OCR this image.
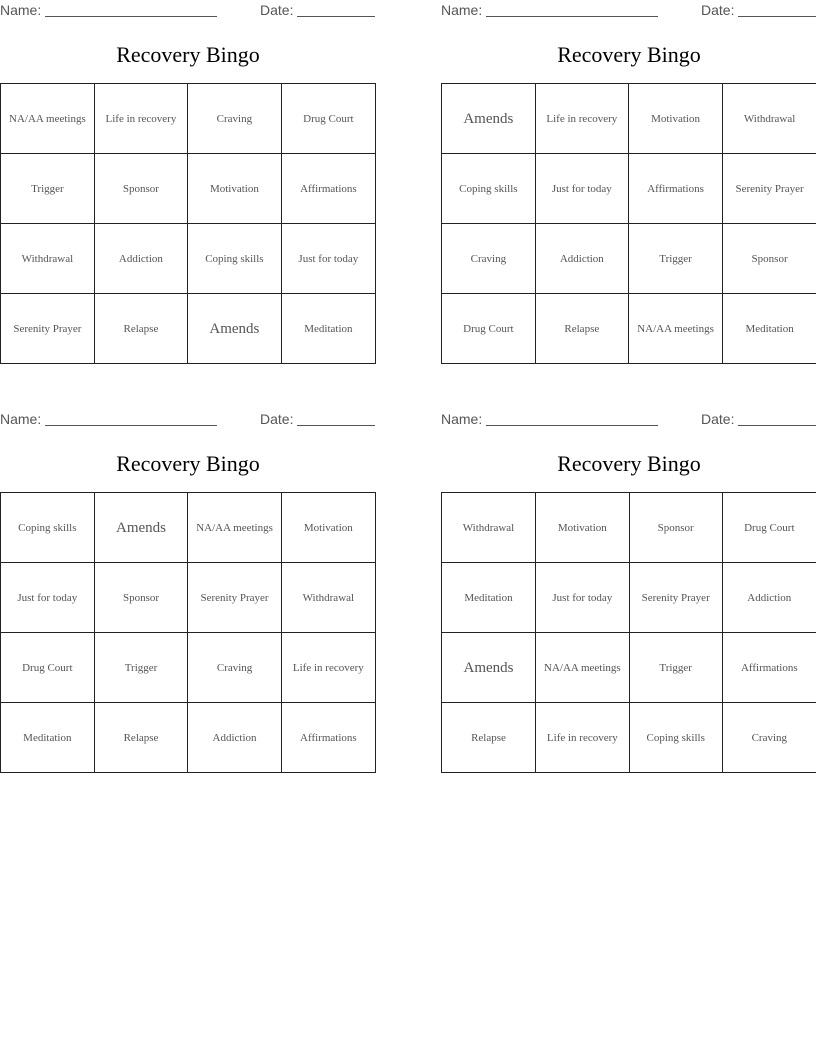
Name:	Date:
Recovery Bingo
NA/AA meetings	Life in recovery	Craving	Drug Court
Trigger	Sponsor	Motivation	Affirmations
Withdrawal	Addiction	Coping skills	Just for today
Serenity Prayer	Relapse	Amends	Meditation
Name:	Date:
Recovery Bingo
Amends	Life in recovery	Motivation	Withdrawal
Coping skills	Just for today	Affirmations	Serenity Prayer
Craving	Addiction	Trigger	Sponsor
Drug Court	Relapse	NA/AA meetings	Meditation
Name:	Date:
Recovery Bingo
Coping skills	Amends	NA/AA meetings	Motivation
Just for today	Sponsor	Serenity Prayer	Withdrawal
Drug Court	Trigger	Craving	Life in recovery
Meditation	Relapse	Addiction	Affirmations
Name:	Date:
Recovery Bingo
Withdrawal	Motivation	Sponsor	Drug Court
Meditation	Just for today	Serenity Prayer	Addiction
Amends	NA/AA meetings	Trigger	Affirmations
Relapse	Life in recovery	Coping skills	Craving
